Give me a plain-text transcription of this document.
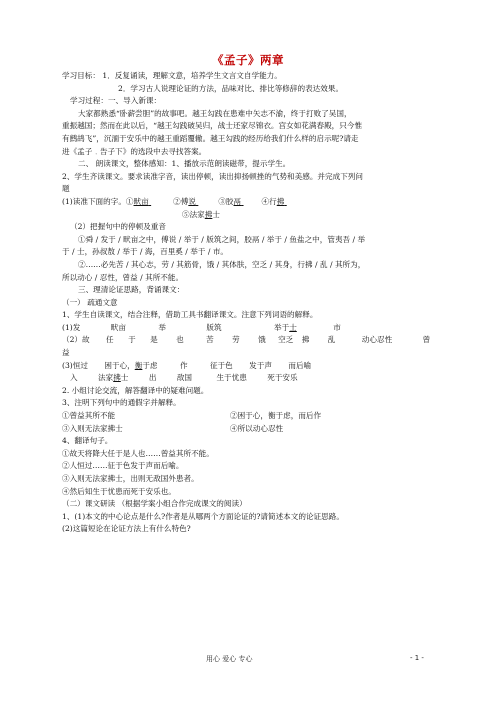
《孟子》两章

学习目标： 1．反复诵读，理解文意，培养学生文言文自学能力。

2．学习古人说理论证的方法，品味对比、排比等修辞的表达效果。

学习过程：一、导入新课：

大家都熟悉“卧薪尝胆”的故事吧。越王勾践在患难中矢志不渝，终于打败了吴国，

重振越国；然而在此以后，“越王勾践破吴归，战士还家尽锦衣。宫女如花满春殿，只今惟

有鹧鸪飞”，沉湎于安乐中的越王重蹈覆辙。越王勾践的经历给我们什么样的启示呢?请走

进《孟子﹒告子下》的选段中去寻找答案。

二、 朗读课文，整体感知：1、播放示范朗读磁带，提示学生。

2、学生齐读课文。要求读准字音，读出停顿，读出抑扬顿挫的气势和美感。并完成下列问

题

(1)读准下面的字。①畎亩	②傅说	③胶鬲	④行拂

⑤法家拂士

（2）把握句中的停顿及重音

①舜 / 发于 / 畎亩之中，傅说 / 举于 / 版筑之间，胶鬲 / 举于 / 鱼盐之中，管夷吾 / 举

于 / 士，孙叔敖 / 举于 / 海，百里奚 / 举于 / 市。

②……必先苦 / 其心志，劳 / 其筋骨，饿 / 其体肤，空乏 / 其身，行拂 / 乱 / 其所为，

所以动心 / 忍性，曾益 / 其所不能。

三、理清论证思路，背诵课文：

（一） 疏通文意

1、学生自读课文，结合注释，借助工具书翻译课文。注意下列词语的解释。

(1)发	畎亩	举	版筑	举于士	市

（2）故 任 于 是 也	苦 劳 饿 空乏 拂 乱	动心忍性	曾

益

(3)恒过 困于心，衡于虑	作	征于色 发于声 而后喻

入	法家拂士	出	敌国	生于忧患	死于安乐

2. 小组讨论交流，解答翻译中的疑难问题。

3、注明下列句中的通假字并解释。

①曾益其所不能	②困于心，衡于虑，而后作

③入则无法家拂士	④所以动心忍性

4、翻译句子。

①故天将降大任于是人也……曾益其所不能。

②人恒过……征于色发于声而后喻。

③入则无法家拂士，出则无敌国外患者。

④然后知生于忧患而死于安乐也。

（二）课文研读 （根据学案小组合作完成课文的阅读）

1、(1)本文的中心论点是什么?作者是从哪两个方面论证的?请简述本文的论证思路。

(2)这篇短论在论证方法上有什么特色?

用心 爱心 专心	- 1 -
